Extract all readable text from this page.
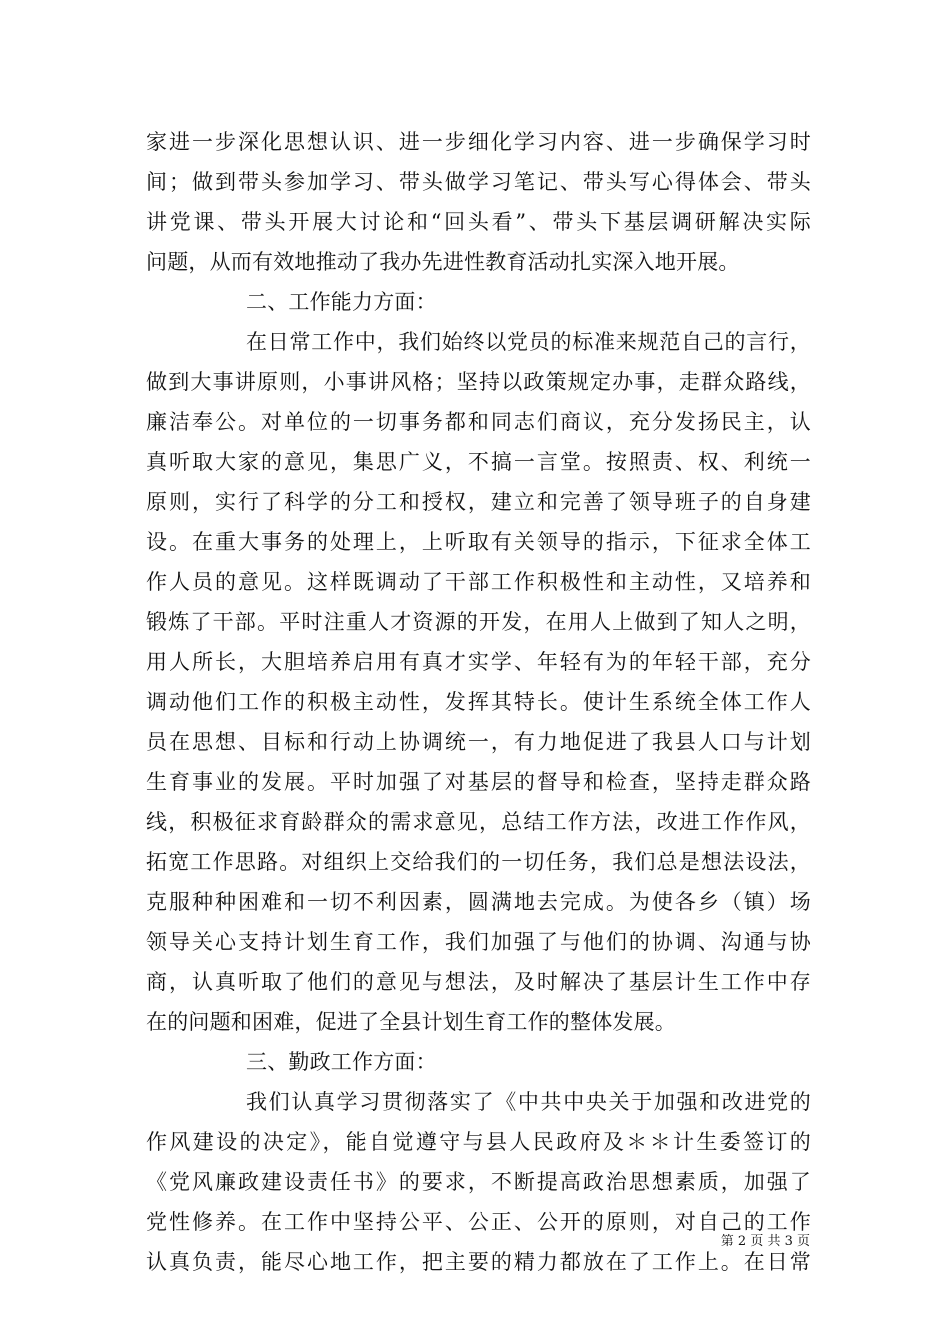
家进一步深化思想认识、进一步细化学习内容、进一步确保学习时
间；做到带头参加学习、带头做学习笔记、带头写心得体会、带头
讲党课、带头开展大讨论和“回头看”、带头下基层调研解决实际
问题，从而有效地推动了我办先进性教育活动扎实深入地开展。
二、工作能力方面：
在日常工作中，我们始终以党员的标准来规范自己的言行，
做到大事讲原则，小事讲风格；坚持以政策规定办事，走群众路线，
廉洁奉公。对单位的一切事务都和同志们商议，充分发扬民主，认
真听取大家的意见，集思广义，不搞一言堂。按照责、权、利统一
原则，实行了科学的分工和授权，建立和完善了领导班子的自身建
设。在重大事务的处理上，上听取有关领导的指示，下征求全体工
作人员的意见。这样既调动了干部工作积极性和主动性，又培养和
锻炼了干部。平时注重人才资源的开发，在用人上做到了知人之明，
用人所长，大胆培养启用有真才实学、年轻有为的年轻干部，充分
调动他们工作的积极主动性，发挥其特长。使计生系统全体工作人
员在思想、目标和行动上协调统一，有力地促进了我县人口与计划
生育事业的发展。平时加强了对基层的督导和检查，坚持走群众路
线，积极征求育龄群众的需求意见，总结工作方法，改进工作作风，
拓宽工作思路。对组织上交给我们的一切任务，我们总是想法设法，
克服种种困难和一切不利因素，圆满地去完成。为使各乡（镇）场
领导关心支持计划生育工作，我们加强了与他们的协调、沟通与协
商，认真听取了他们的意见与想法，及时解决了基层计生工作中存
在的问题和困难，促进了全县计划生育工作的整体发展。
三、勤政工作方面：
我们认真学习贯彻落实了《中共中央关于加强和改进党的
作风建设的决定》，能自觉遵守与县人民政府及＊＊计生委签订的
《党风廉政建设责任书》的要求，不断提高政治思想素质，加强了
党性修养。在工作中坚持公平、公正、公开的原则，对自己的工作
认真负责，能尽心地工作，把主要的精力都放在了工作上。在日常
第 2 页 共 3 页
